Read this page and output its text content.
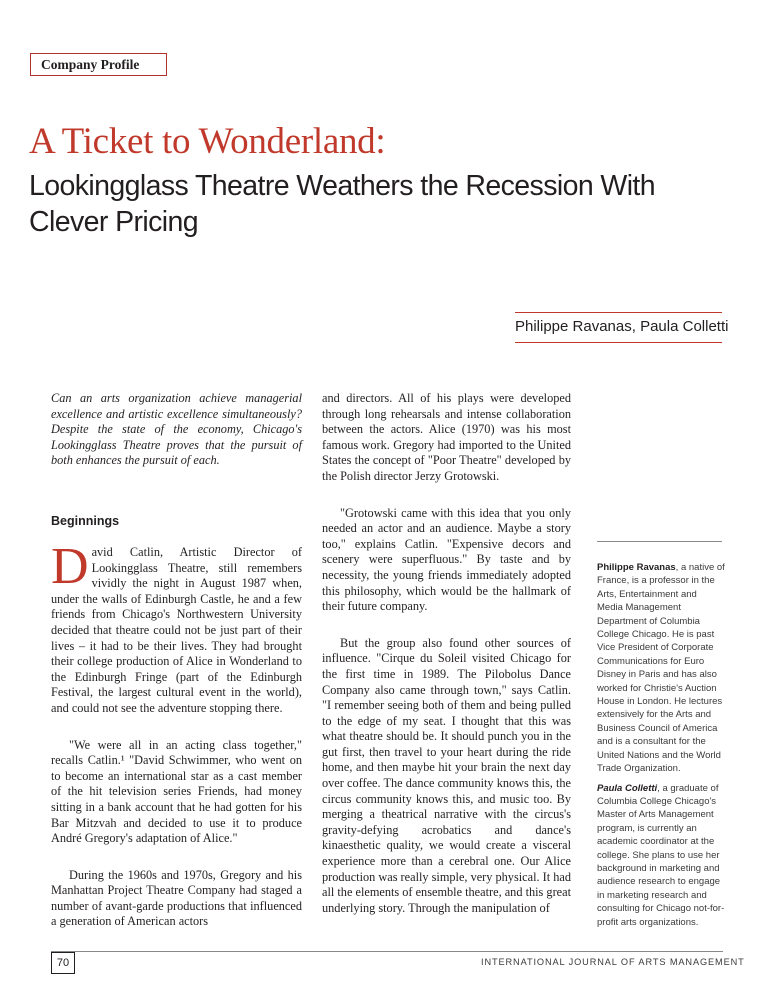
Company Profile
A Ticket to Wonderland:
Lookingglass Theatre Weathers the Recession With Clever Pricing
Philippe Ravanas, Paula Colletti

Can an arts organization achieve managerial excellence and artistic excellence simultaneously? Despite the state of the economy, Chicago's Lookingglass Theatre proves that the pursuit of both enhances the pursuit of each.

Beginnings

David Catlin, Artistic Director of Lookingglass Theatre, still remembers vividly the night in August 1987 when, under the walls of Edinburgh Castle, he and a few friends from Chicago's Northwestern University decided that theatre could not be just part of their lives – it had to be their lives. They had brought their college production of Alice in Wonderland to the Edinburgh Fringe (part of the Edinburgh Festival, the largest cultural event in the world), and could not see the adventure stopping there.

"We were all in an acting class together," recalls Catlin.¹ "David Schwimmer, who went on to become an international star as a cast member of the hit television series Friends, had money sitting in a bank account that he had gotten for his Bar Mitzvah and decided to use it to produce André Gregory's adaptation of Alice."

During the 1960s and 1970s, Gregory and his Manhattan Project Theatre Company had staged a number of avant-garde productions that influenced a generation of American actors

and directors. All of his plays were developed through long rehearsals and intense collaboration between the actors. Alice (1970) was his most famous work. Gregory had imported to the United States the concept of "Poor Theatre" developed by the Polish director Jerzy Grotowski.

"Grotowski came with this idea that you only needed an actor and an audience. Maybe a story too," explains Catlin. "Expensive decors and scenery were superfluous." By taste and by necessity, the young friends immediately adopted this philosophy, which would be the hallmark of their future company.

But the group also found other sources of influence. "Cirque du Soleil visited Chicago for the first time in 1989. The Pilobolus Dance Company also came through town," says Catlin. "I remember seeing both of them and being pulled to the edge of my seat. I thought that this was what theatre should be. It should punch you in the gut first, then travel to your heart during the ride home, and then maybe hit your brain the next day over coffee. The dance community knows this, the circus community knows this, and music too. By merging a theatrical narrative with the circus's gravity-defying acrobatics and dance's kinaesthetic quality, we would create a visceral experience more than a cerebral one. Our Alice production was really simple, very physical. It had all the elements of ensemble theatre, and this great underlying story. Through the manipulation of

Philippe Ravanas, a native of France, is a professor in the Arts, Entertainment and Media Management Department of Columbia College Chicago. He is past Vice President of Corporate Communications for Euro Disney in Paris and has also worked for Christie's Auction House in London. He lectures extensively for the Arts and Business Council of America and is a consultant for the United Nations and the World Trade Organization.

Paula Colletti, a graduate of Columbia College Chicago's Master of Arts Management program, is currently an academic coordinator at the college. She plans to use her background in marketing and audience research to engage in marketing research and consulting for Chicago not-for-profit arts organizations.

70	INTERNATIONAL JOURNAL OF ARTS MANAGEMENT
